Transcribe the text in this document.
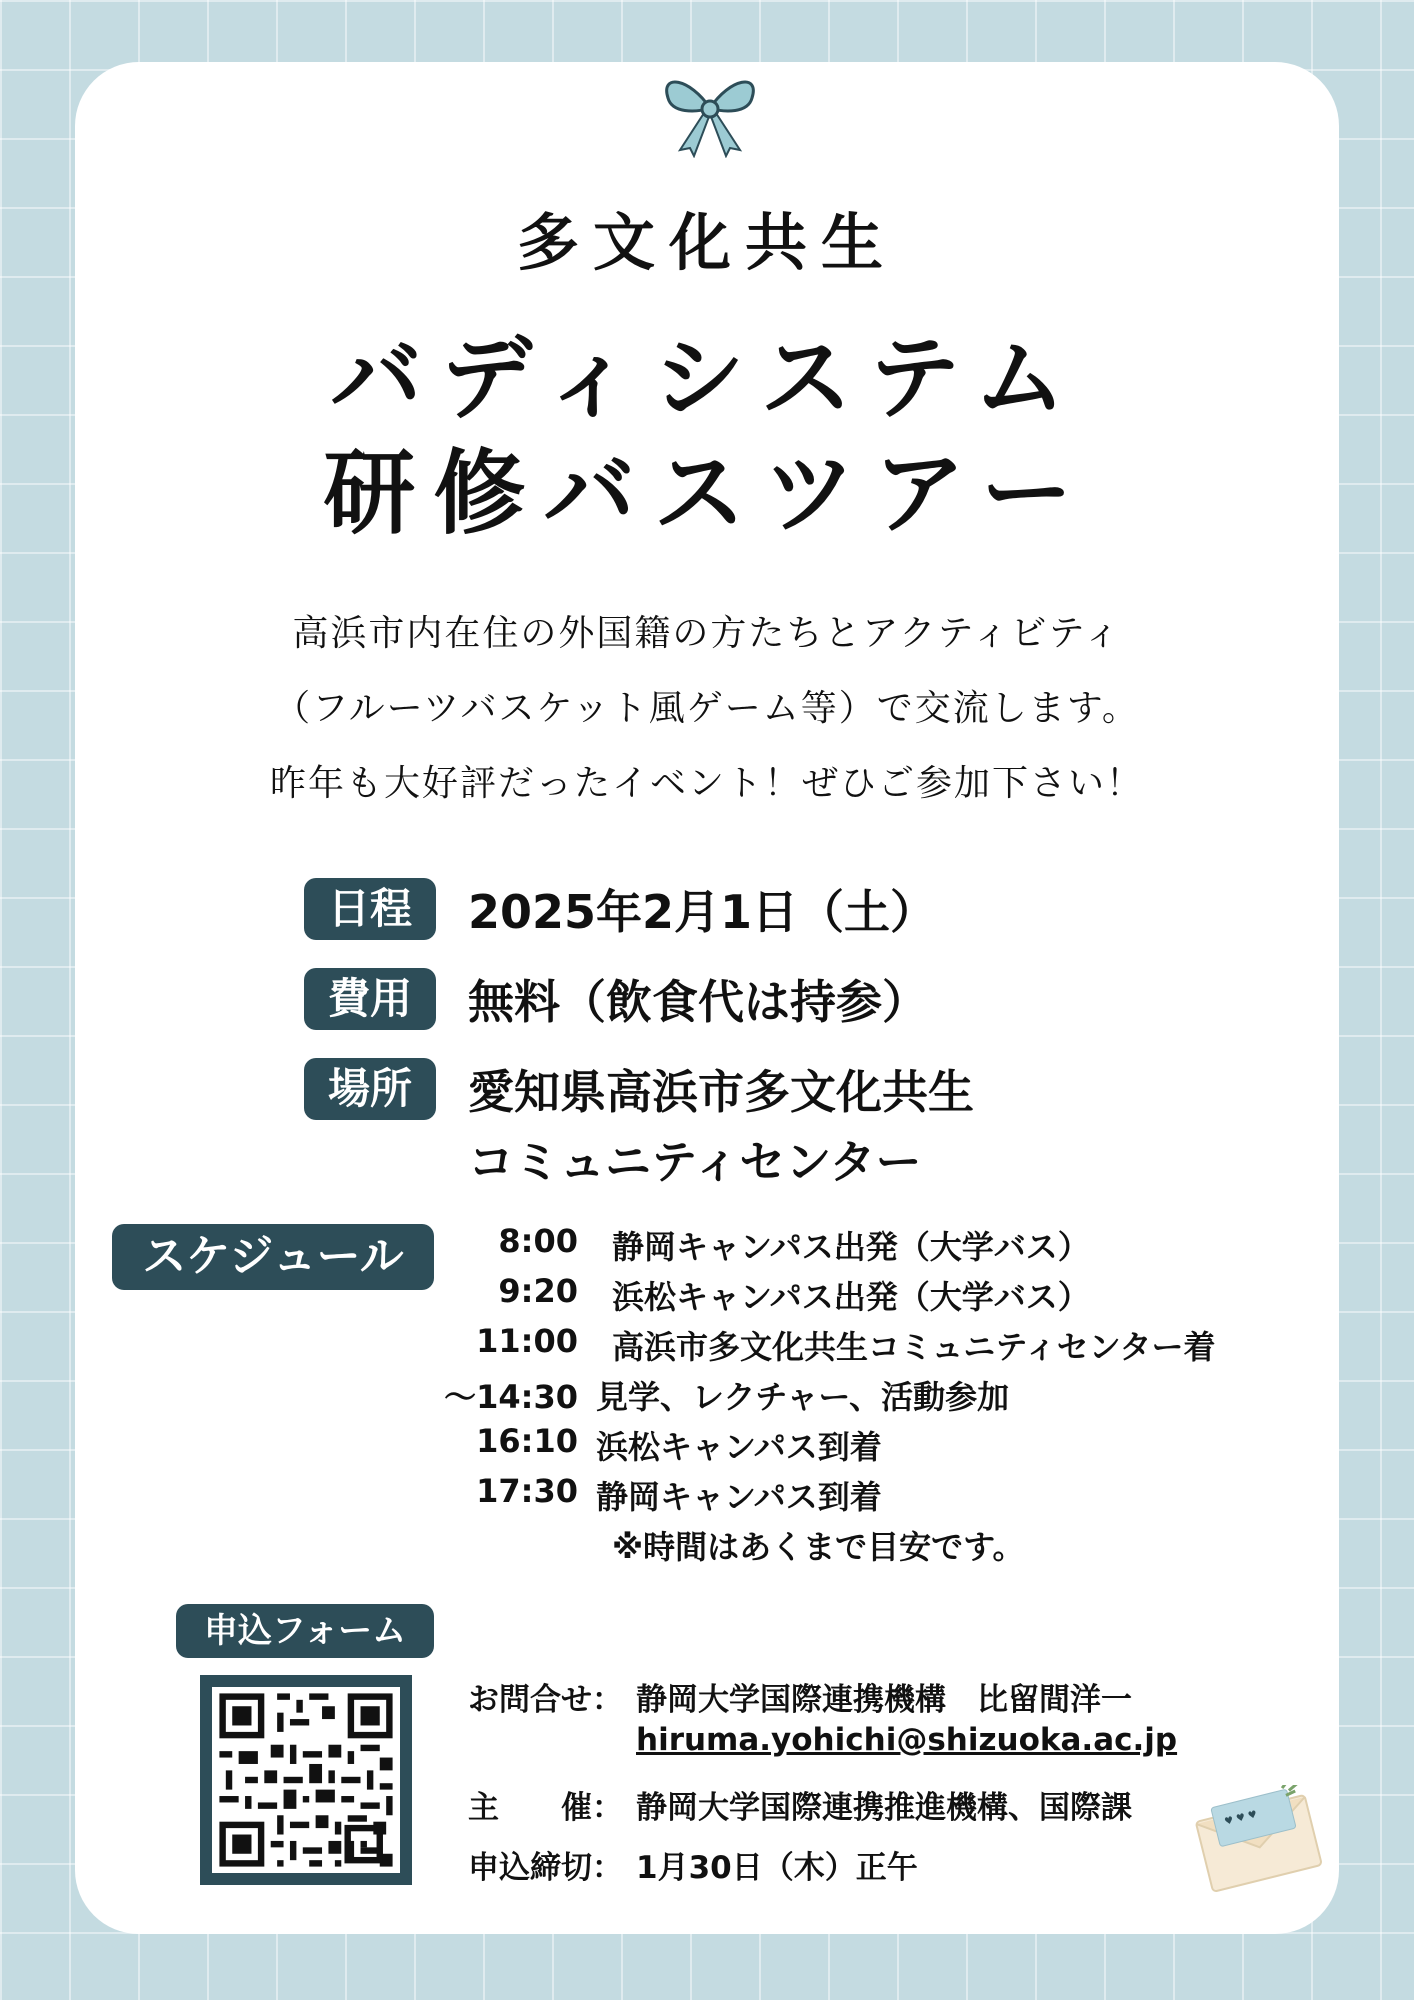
多文化共生
バディシステム
研修バスツアー
高浜市内在住の外国籍の方たちとアクティビティ
（フルーツバスケット風ゲーム等）で交流します。
昨年も大好評だったイベント！ぜひご参加下さい！
日程	2025年2月1日（土）
費用	無料（飲食代は持参）
場所	愛知県高浜市多文化共生
コミュニティセンター
スケジュール	8:00 静岡キャンパス出発（大学バス）
9:20 浜松キャンパス出発（大学バス）
11:00 高浜市多文化共生コミュニティセンター着
～14:30 見学、レクチャー、活動参加
16:10 浜松キャンパス到着
17:30 静岡キャンパス到着
※時間はあくまで目安です。
申込フォーム
お問合せ： 静岡大学国際連携機構　比留間洋一
hiruma.yohichi@shizuoka.ac.jp
主　　催： 静岡大学国際連携推進機構、国際課
申込締切： 1月30日（木）正午
♥ ♥ ♥
